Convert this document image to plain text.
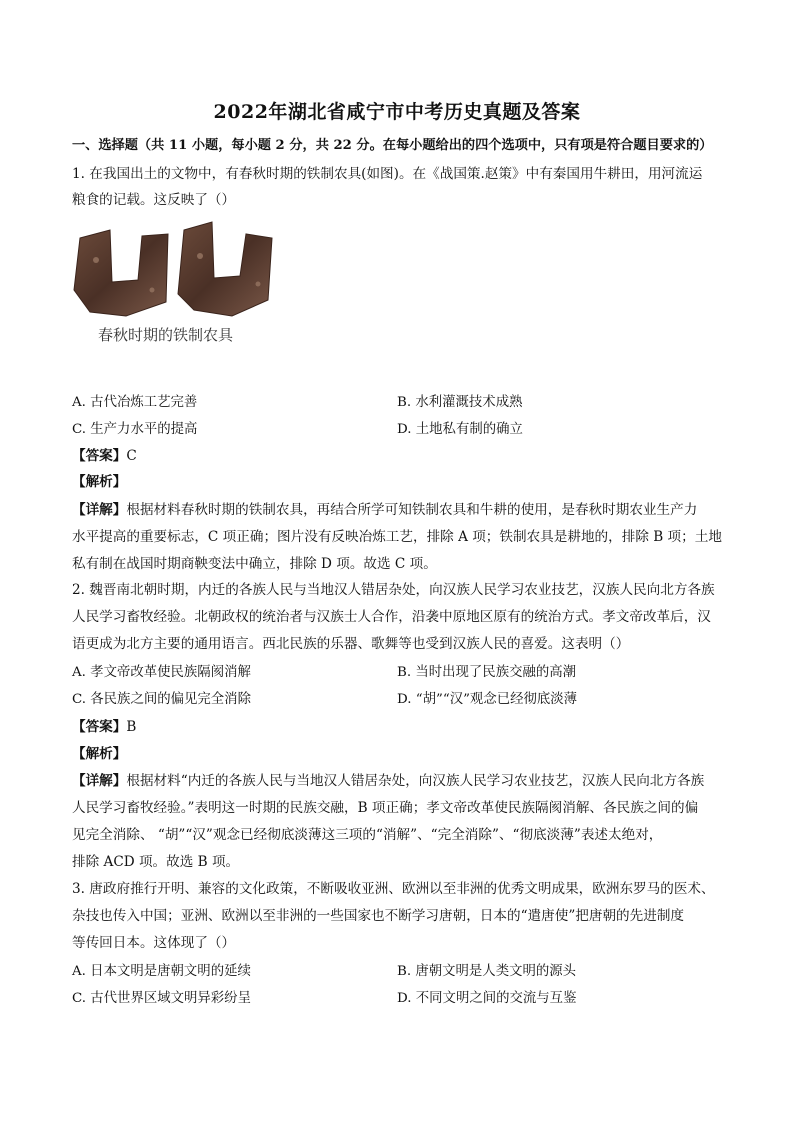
2022年湖北省咸宁市中考历史真题及答案
一、选择题（共 11 小题，每小题 2 分，共 22 分。在每小题给出的四个选项中，只有项是符合题目要求的）
1. 在我国出土的文物中，有春秋时期的铁制农具(如图)。在《战国策.赵策》中有秦国用牛耕田，用河流运
粮食的记载。这反映了（）
春秋时期的铁制农具
A. 古代冶炼工艺完善	B. 水利灌溉技术成熟
C. 生产力水平的提高	D. 土地私有制的确立
【答案】C
【解析】
【详解】根据材料春秋时期的铁制农具，再结合所学可知铁制农具和牛耕的使用，是春秋时期农业生产力
水平提高的重要标志，C 项正确；图片没有反映冶炼工艺，排除 A 项；铁制农具是耕地的，排除 B 项；土地
私有制在战国时期商鞅变法中确立，排除 D 项。故选 C 项。
2. 魏晋南北朝时期，内迁的各族人民与当地汉人错居杂处，向汉族人民学习农业技艺，汉族人民向北方各族
人民学习畜牧经验。北朝政权的统治者与汉族士人合作，沿袭中原地区原有的统治方式。孝文帝改革后，汉
语更成为北方主要的通用语言。西北民族的乐器、歌舞等也受到汉族人民的喜爱。这表明（）
A. 孝文帝改革使民族隔阂消解	B. 当时出现了民族交融的高潮
C. 各民族之间的偏见完全消除	D. “胡”“汉”观念已经彻底淡薄
【答案】B
【解析】
【详解】根据材料“内迁的各族人民与当地汉人错居杂处，向汉族人民学习农业技艺，汉族人民向北方各族
人民学习畜牧经验。”表明这一时期的民族交融，B 项正确；孝文帝改革使民族隔阂消解、各民族之间的偏
见完全消除、 “胡”“汉”观念已经彻底淡薄这三项的“消解”、“完全消除”、“彻底淡薄”表述太绝对，
排除 ACD 项。故选 B 项。
3. 唐政府推行开明、兼容的文化政策，不断吸收亚洲、欧洲以至非洲的优秀文明成果，欧洲东罗马的医术、
杂技也传入中国；亚洲、欧洲以至非洲的一些国家也不断学习唐朝，日本的“遣唐使”把唐朝的先进制度
等传回日本。这体现了（）
A. 日本文明是唐朝文明的延续	B. 唐朝文明是人类文明的源头
C. 古代世界区域文明异彩纷呈	D. 不同文明之间的交流与互鉴
